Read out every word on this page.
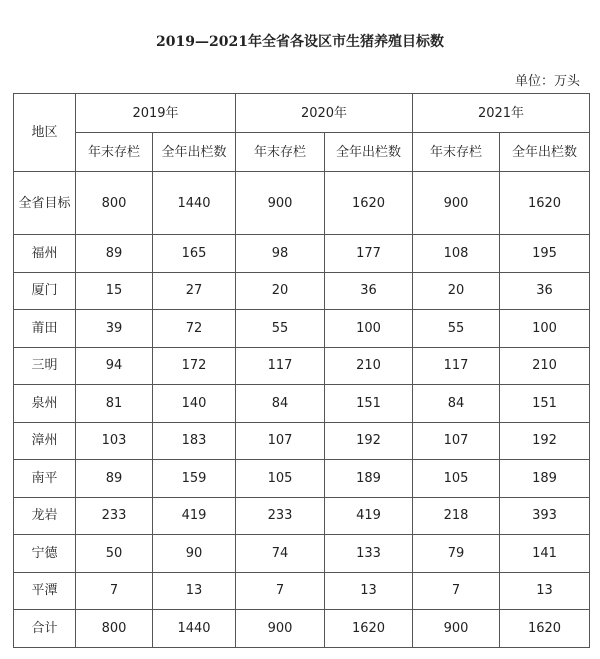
2019—2021年全省各设区市生猪养殖目标数
单位：万头
地区	2019年		2020年		2021年	
	年末存栏	全年出栏数	年末存栏	全年出栏数	年末存栏	全年出栏数
全省目标	800	1440	900	1620	900	1620
福州	89	165	98	177	108	195
厦门	15	27	20	36	20	36
莆田	39	72	55	100	55	100
三明	94	172	117	210	117	210
泉州	81	140	84	151	84	151
漳州	103	183	107	192	107	192
南平	89	159	105	189	105	189
龙岩	233	419	233	419	218	393
宁德	50	90	74	133	79	141
平潭	7	13	7	13	7	13
合计	800	1440	900	1620	900	1620
